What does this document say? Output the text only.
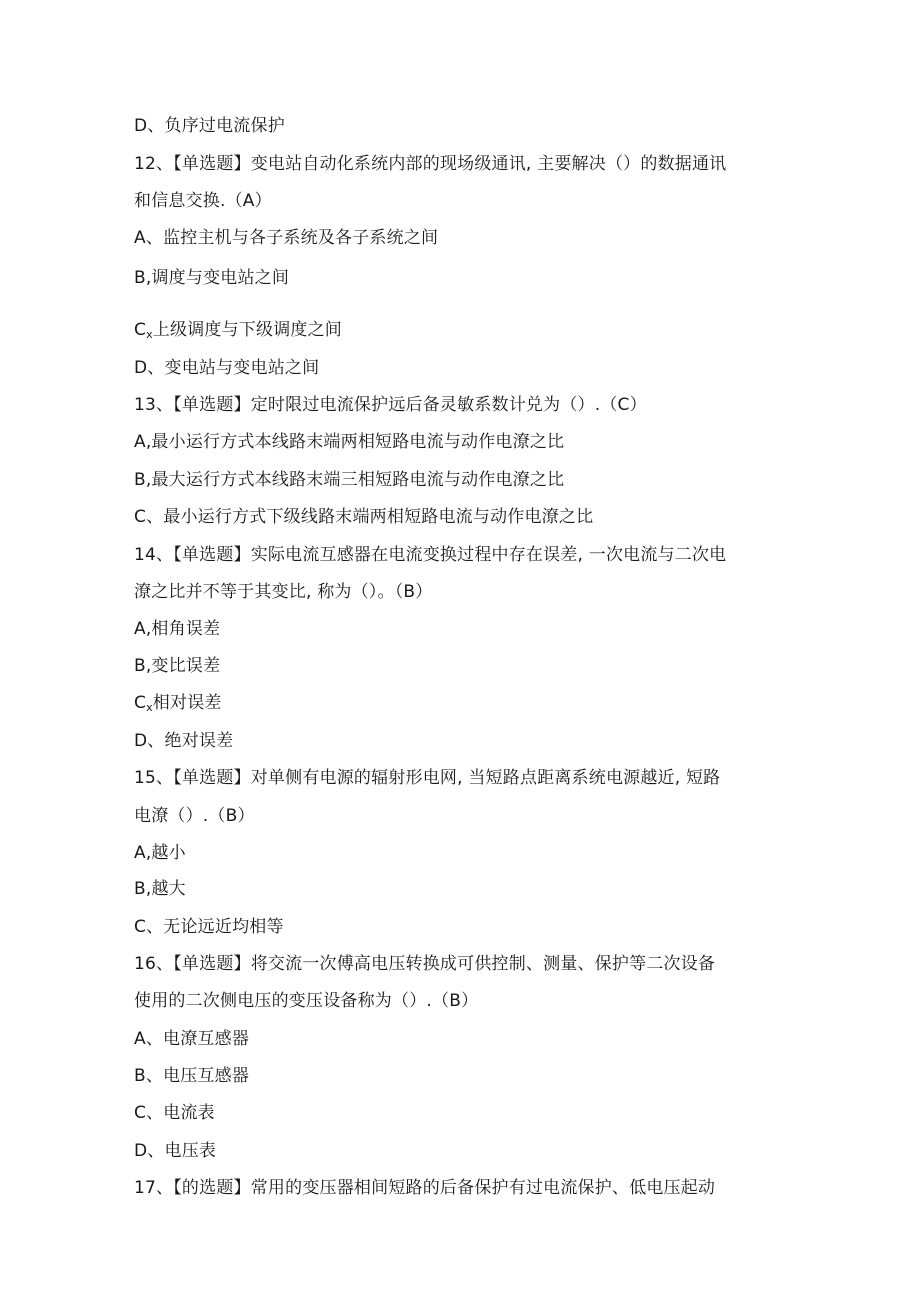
D、负序过电流保护
12、【单选题】变电站自动化系统内部的现场级通讯, 主要解决（）的数据通讯
和信息交换.（A）
A、监控主机与各子系统及各子系统之间
B,调度与变电站之间
$C_x$上级调度与下级调度之间
D、变电站与变电站之间
13、【单选题】定时限过电流保护远后备灵敏系数计兑为（）.（C）
A,最小运行方式本线路末端两相短路电流与动作电潦之比
B,最大运行方式本线路末端三相短路电流与动作电潦之比
C、最小运行方式下级线路末端两相短路电流与动作电潦之比
14、【单选题】实际电流互感器在电流变换过程中存在误差, 一次电流与二次电
潦之比并不等于其变比, 称为（）。（B）
A,相角误差
B,变比误差
$C_x$相对误差
D、绝对误差
15、【单选题】对单侧有电源的辐射形电网, 当短路点距离系统电源越近, 短路
电潦（）.（B）
A,越小
B,越大
C、无论远近均相等
16、【单选题】将交流一次傅高电压转换成可供控制、测量、保护等二次设备
使用的二次侧电压的变压设备称为（）.（B）
A、电潦互感器
B、电压互感器
C、电流表
D、电压表
17、【的选题】常用的变压器相间短路的后备保护有过电流保护、低电压起动
